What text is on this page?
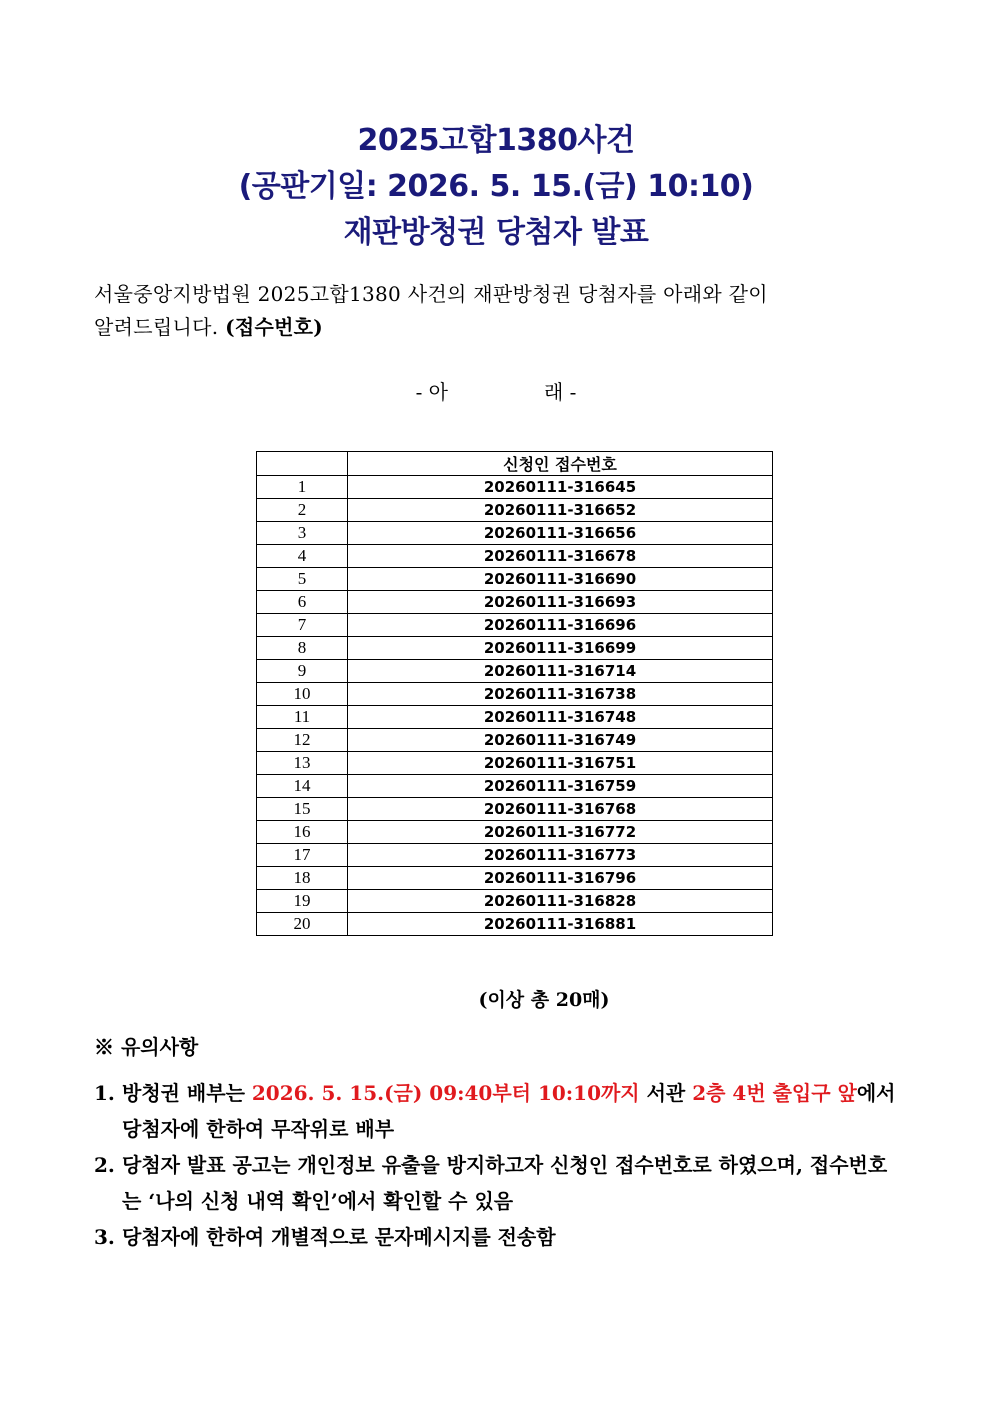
2025고합1380사건
(공판기일: 2026. 5. 15.(금) 10:10)
재판방청권 당첨자 발표
서울중앙지방법원 2025고합1380 사건의 재판방청권 당첨자를 아래와 같이
알려드립니다. (접수번호)
- 아	래 -
	신청인 접수번호
1	20260111-316645
2	20260111-316652
3	20260111-316656
4	20260111-316678
5	20260111-316690
6	20260111-316693
7	20260111-316696
8	20260111-316699
9	20260111-316714
10	20260111-316738
11	20260111-316748
12	20260111-316749
13	20260111-316751
14	20260111-316759
15	20260111-316768
16	20260111-316772
17	20260111-316773
18	20260111-316796
19	20260111-316828
20	20260111-316881
(이상 총 20매)
※ 유의사항
1. 방청권 배부는 2026. 5. 15.(금) 09:40부터 10:10까지 서관 2층 4번 출입구 앞에서 당첨자에 한하여 무작위로 배부
2. 당첨자 발표 공고는 개인정보 유출을 방지하고자 신청인 접수번호로 하였으며, 접수번호는 ‘나의 신청 내역 확인’에서 확인할 수 있음
3. 당첨자에 한하여 개별적으로 문자메시지를 전송함
